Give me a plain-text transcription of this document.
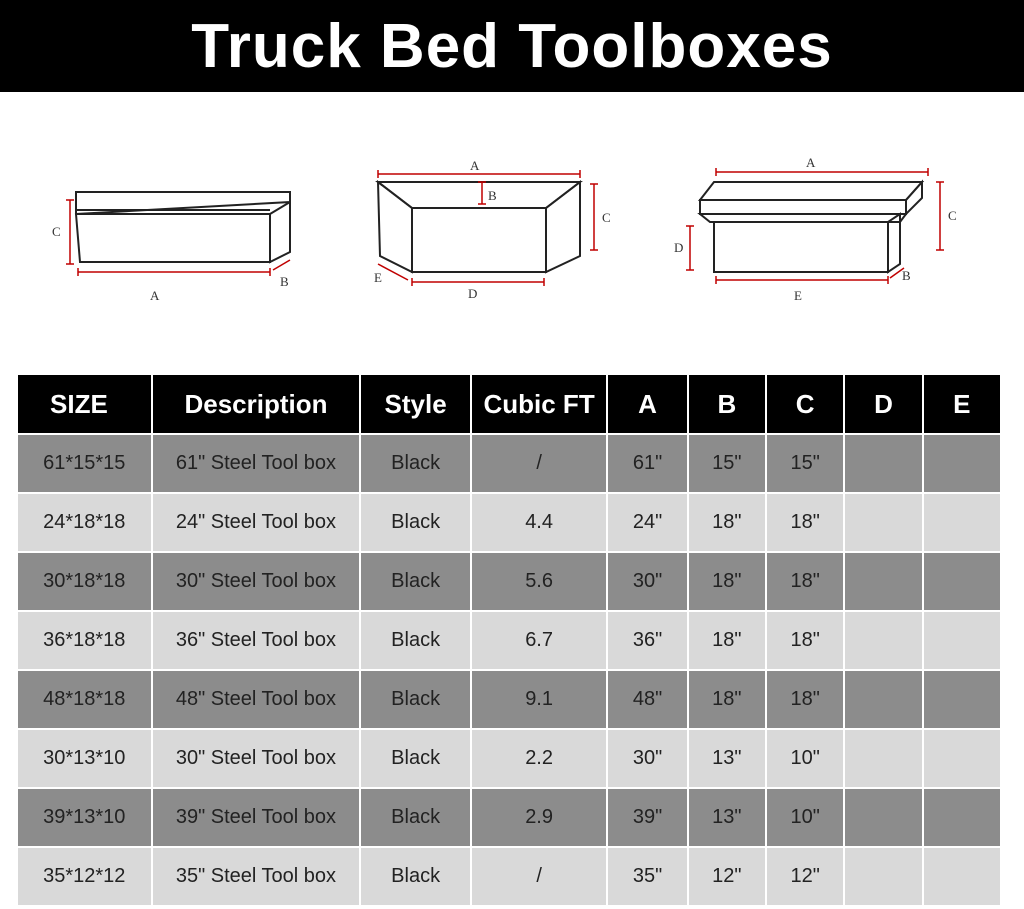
Truck Bed Toolboxes
C
A
B
A
B
C
E
D
A
C
D
B
E
SIZE	Description	Style	Cubic FT	A	B	C	D	E
61*15*15	61" Steel Tool box	Black	/	61"	15"	15"		
24*18*18	24" Steel Tool box	Black	4.4	24"	18"	18"		
30*18*18	30" Steel Tool box	Black	5.6	30"	18"	18"		
36*18*18	36" Steel Tool box	Black	6.7	36"	18"	18"		
48*18*18	48" Steel Tool box	Black	9.1	48"	18"	18"		
30*13*10	30" Steel Tool box	Black	2.2	30"	13"	10"		
39*13*10	39" Steel Tool box	Black	2.9	39"	13"	10"		
35*12*12	35" Steel Tool box	Black	/	35"	12"	12"		
